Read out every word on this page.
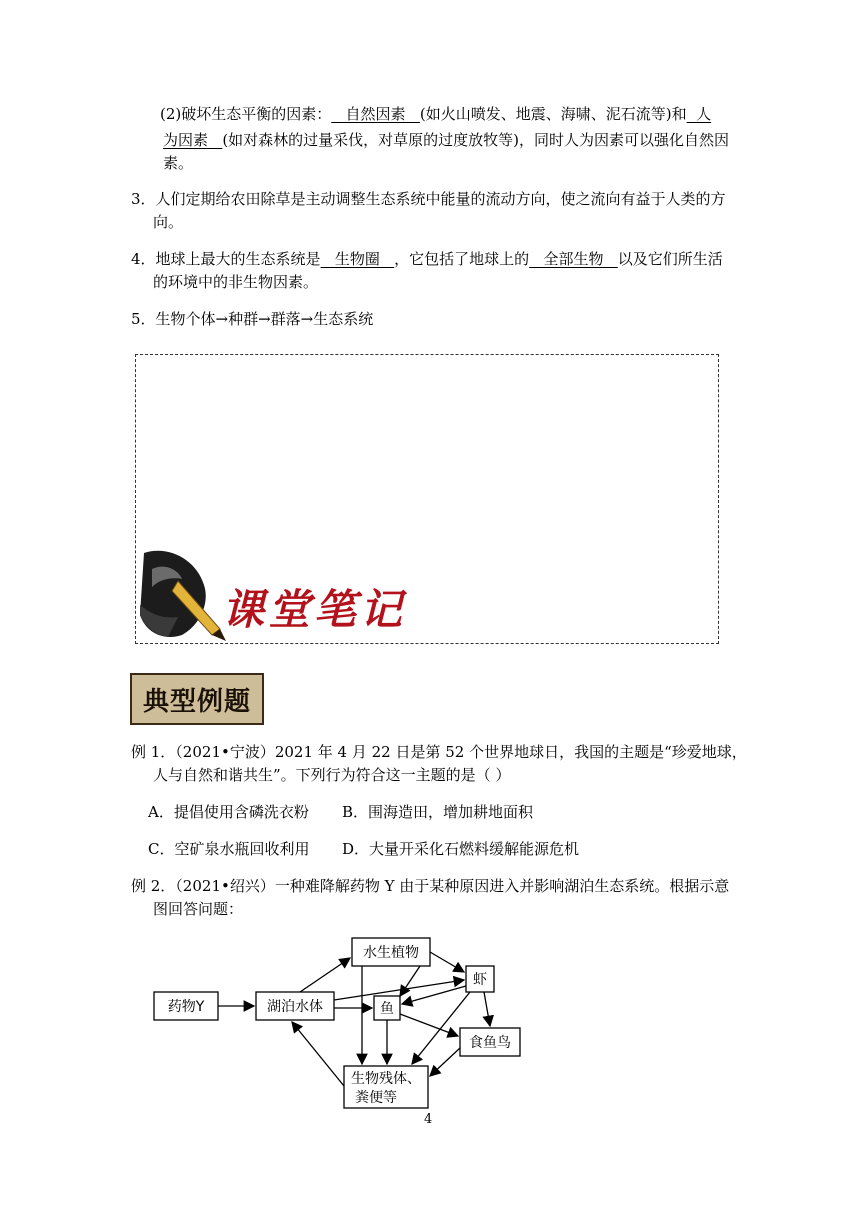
(2)破坏生态平衡的因素：   自然因素   (如火山喷发、地震、海啸、泥石流等)和  人
为因素   (如对森林的过量采伐，对草原的过度放牧等)，同时人为因素可以强化自然因
素。
3．人们定期给农田除草是主动调整生态系统中能量的流动方向，使之流向有益于人类的方
向。
4．地球上最大的生态系统是   生物圈   ，它包括了地球上的   全部生物   以及它们所生活
的环境中的非生物因素。
5．生物个体→种群→群落→生态系统
课堂笔记
典型例题
例 1．（2021•宁波）2021 年 4 月 22 日是第 52 个世界地球日，我国的主题是“珍爱地球，
人与自然和谐共生”。下列行为符合这一主题的是（ ）
A．提倡使用含磷洗衣粉 B．围海造田，增加耕地面积
C．空矿泉水瓶回收利用 D．大量开采化石燃料缓解能源危机
例 2．（2021•绍兴）一种难降解药物 Y 由于某种原因进入并影响湖泊生态系统。根据示意
图回答问题：
药物Y	湖泊水体
水生植物
虾
鱼
食鱼鸟
生物残体、
粪便等
4
